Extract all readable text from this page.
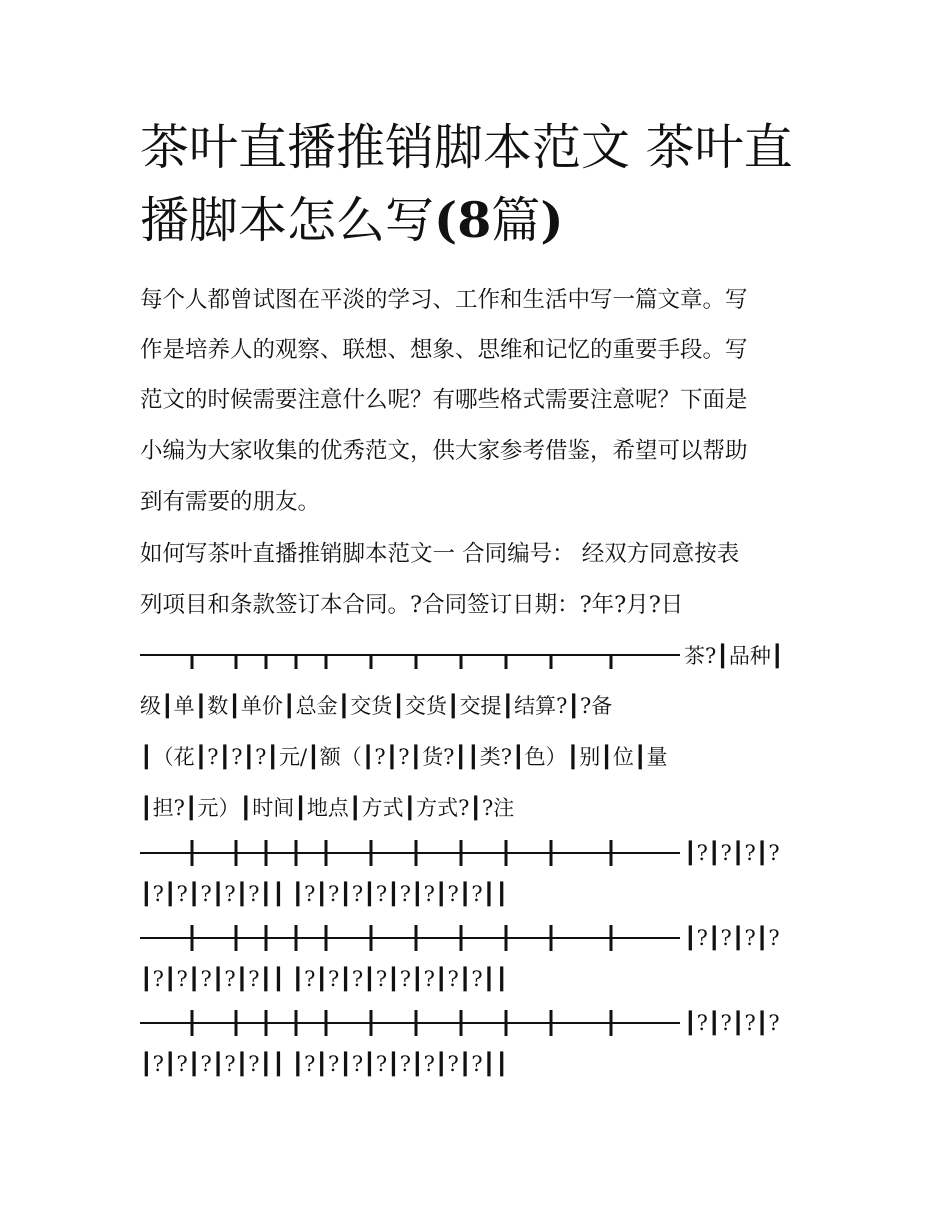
茶叶直播推销脚本范文 茶叶直
播脚本怎么写(8篇)
每个人都曾试图在平淡的学习、工作和生活中写一篇文章。写
作是培养人的观察、联想、想象、思维和记忆的重要手段。写
范文的时候需要注意什么呢？有哪些格式需要注意呢？下面是
小编为大家收集的优秀范文，供大家参考借鉴，希望可以帮助
到有需要的朋友。
如何写茶叶直播推销脚本范文一 合同编号： 经双方同意按表
列项目和条款签订本合同。?合同签订日期：?年?月?日
茶?┃品种┃
级┃单┃数┃单价┃总金┃交货┃交货┃交提┃结算?┃?备
┃（花┃?┃?┃?┃元/┃额（┃?┃?┃货?┃┃类?┃色）┃别┃位┃量
┃担?┃元）┃时间┃地点┃方式┃方式?┃?注
┃?┃?┃?┃?
┃?┃?┃?┃?┃?┃┃ ┃?┃?┃?┃?┃?┃?┃?┃?┃┃
┃?┃?┃?┃?
┃?┃?┃?┃?┃?┃┃ ┃?┃?┃?┃?┃?┃?┃?┃?┃┃
┃?┃?┃?┃?
┃?┃?┃?┃?┃?┃┃ ┃?┃?┃?┃?┃?┃?┃?┃?┃┃
